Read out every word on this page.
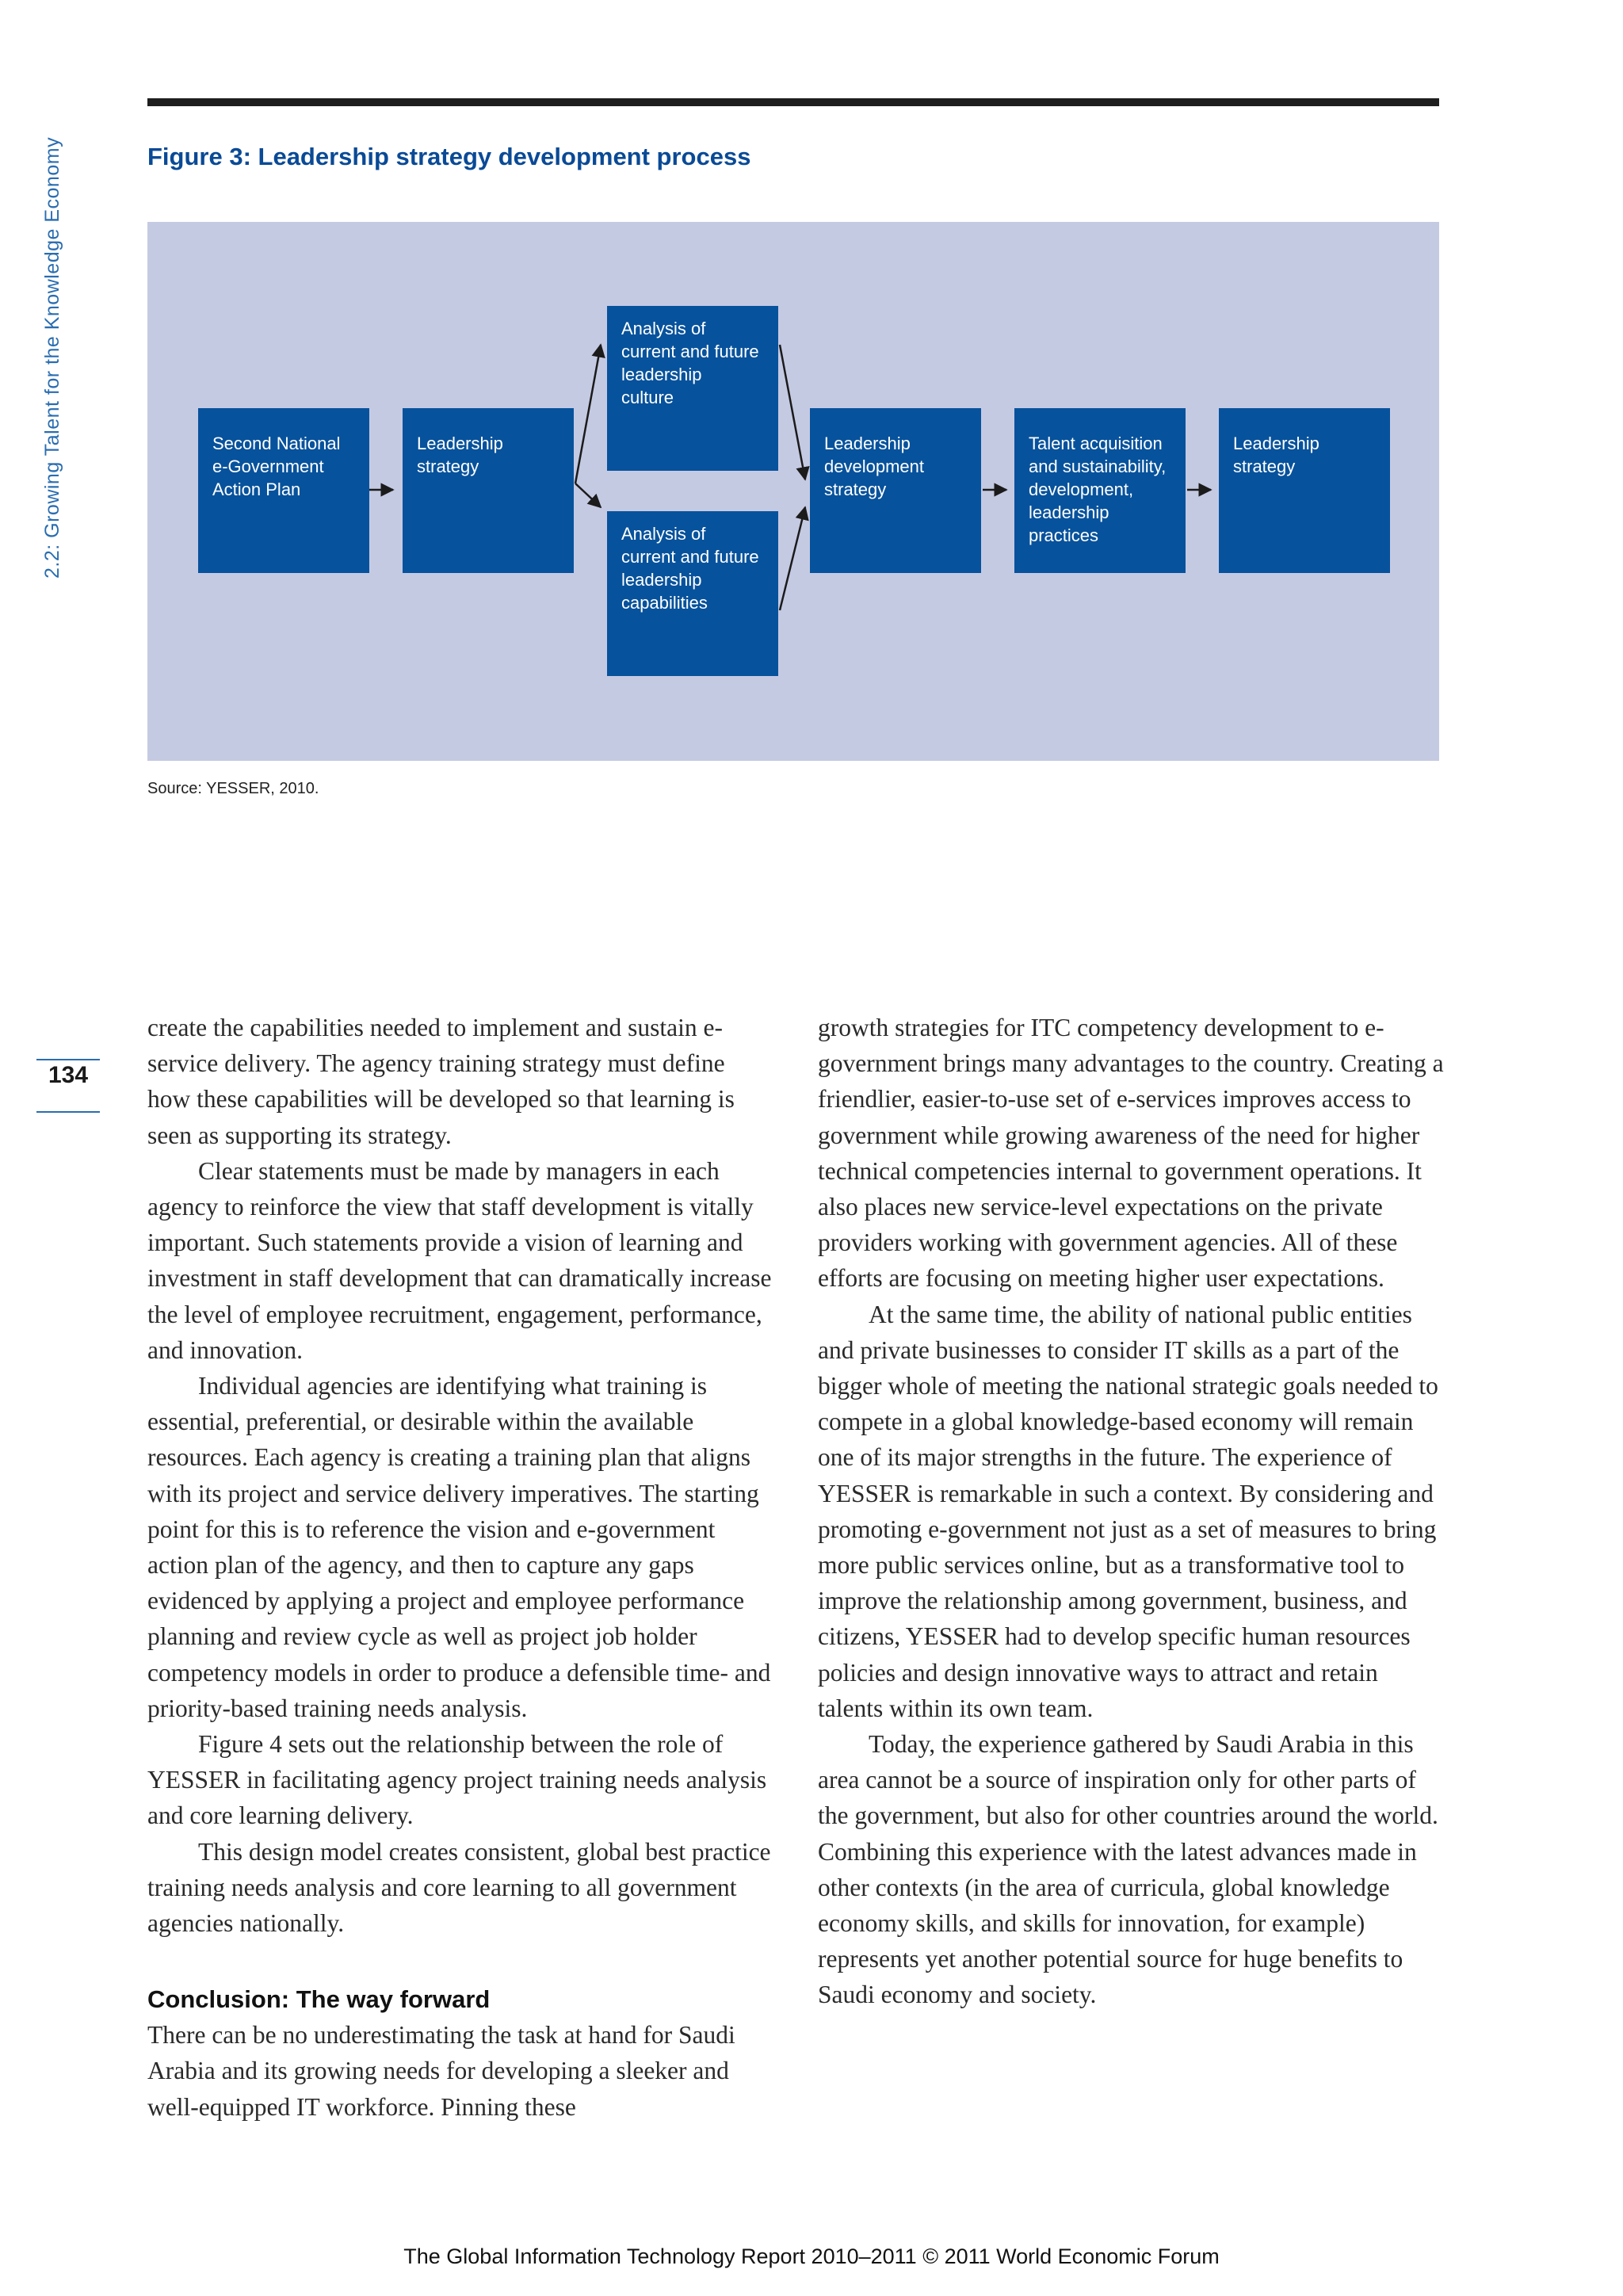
2.2: Growing Talent for the Knowledge Economy
134
Figure 3: Leadership strategy development process
Second National
e-Government
Action Plan
Leadership
strategy
Analysis of
current and future
leadership
culture
Analysis of
current and future
leadership
capabilities
Leadership
development
strategy
Talent acquisition
and sustainability,
development,
leadership
practices
Leadership
strategy
Source: YESSER, 2010.

create the capabilities needed to implement and sustain e-service delivery. The agency training strategy must define how these capabilities will be developed so that learning is seen as supporting its strategy.

Clear statements must be made by managers in each agency to reinforce the view that staff development is vitally important. Such statements provide a vision of learning and investment in staff development that can dramatically increase the level of employee recruitment, engagement, performance, and innovation.

Individual agencies are identifying what training is essential, preferential, or desirable within the available resources. Each agency is creating a training plan that aligns with its project and service delivery imperatives. The starting point for this is to reference the vision and e-government action plan of the agency, and then to capture any gaps evidenced by applying a project and employee performance planning and review cycle as well as project job holder competency models in order to produce a defensible time- and priority-based training needs analysis.

Figure 4 sets out the relationship between the role of YESSER in facilitating agency project training needs analysis and core learning delivery.

This design model creates consistent, global best practice training needs analysis and core learning to all government agencies nationally.

Conclusion: The way forward

There can be no underestimating the task at hand for Saudi Arabia and its growing needs for developing a sleeker and well-equipped IT workforce. Pinning these

growth strategies for ITC competency development to e-government brings many advantages to the country. Creating a friendlier, easier-to-use set of e-services improves access to government while growing awareness of the need for higher technical competencies internal to government operations. It also places new service-level expectations on the private providers working with government agencies. All of these efforts are focusing on meeting higher user expectations.

At the same time, the ability of national public entities and private businesses to consider IT skills as a part of the bigger whole of meeting the national strategic goals needed to compete in a global knowledge-based economy will remain one of its major strengths in the future. The experience of YESSER is remarkable in such a context. By considering and promoting e-government not just as a set of measures to bring more public services online, but as a transformative tool to improve the relationship among government, business, and citizens, YESSER had to develop specific human resources policies and design innovative ways to attract and retain talents within its own team.

Today, the experience gathered by Saudi Arabia in this area cannot be a source of inspiration only for other parts of the government, but also for other countries around the world. Combining this experience with the latest advances made in other contexts (in the area of curricula, global knowledge economy skills, and skills for innovation, for example) represents yet another potential source for huge benefits to Saudi economy and society.

The Global Information Technology Report 2010–2011 © 2011 World Economic Forum
